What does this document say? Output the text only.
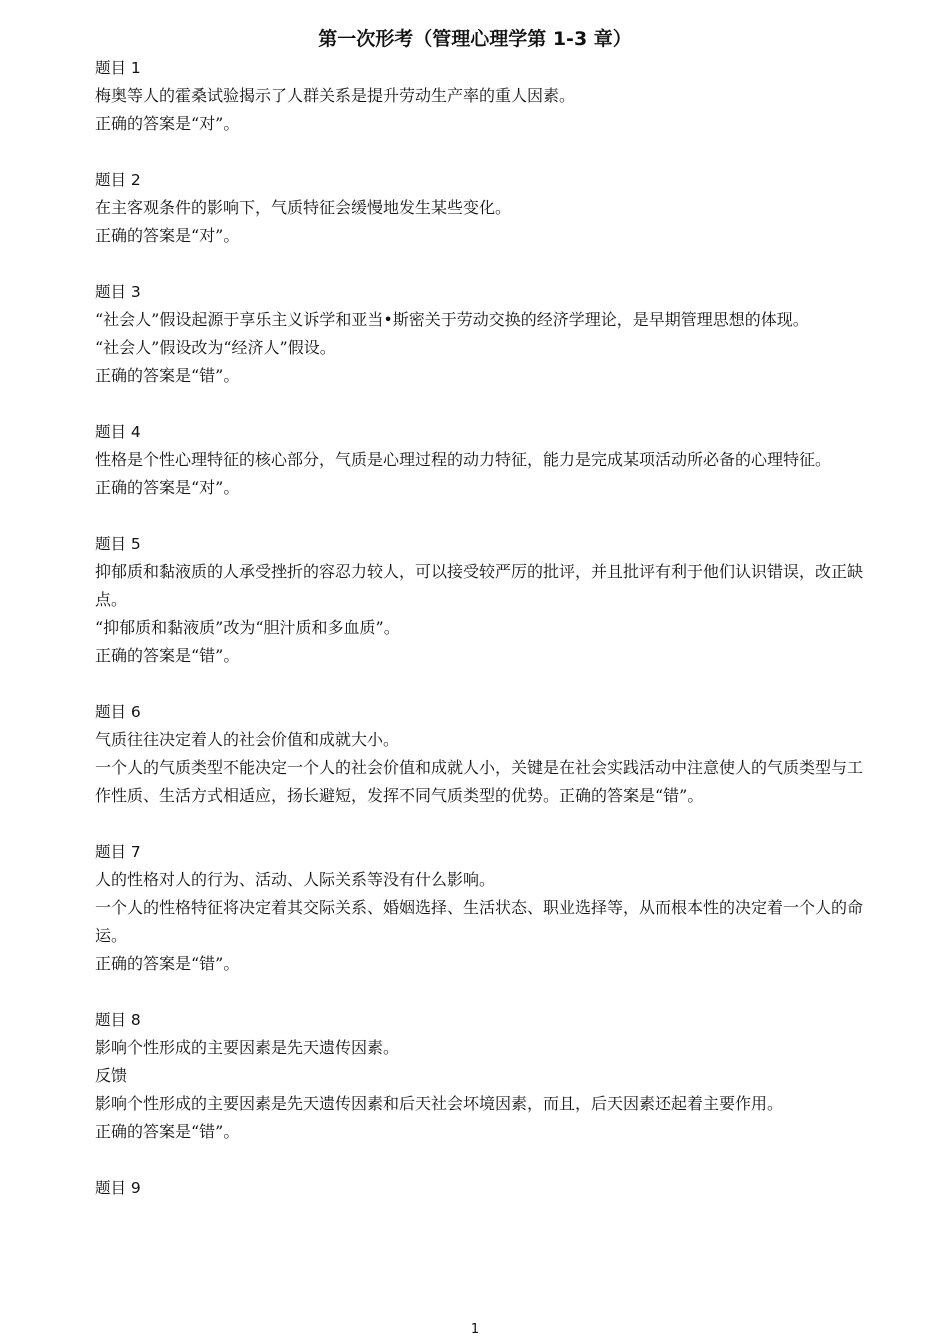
第一次形考（管理心理学第 1-3 章）

题目 1

梅奥等人的霍桑试验揭示了人群关系是提升劳动生产率的重人因素。

正确的答案是“对”。

题目 2

在主客观条件的影响下，气质特征会缓慢地发生某些变化。

正确的答案是“对”。

题目 3

“社会人”假设起源于享乐主义诉学和亚当•斯密关于劳动交换的经济学理论，是早期管理思想的体现。

“社会人”假设改为“经济人”假设。

正确的答案是“错”。

题目 4

性格是个性心理特征的核心部分，气质是心理过程的动力特征，能力是完成某项活动所必备的心理特征。

正确的答案是“对”。

题目 5

抑郁质和黏液质的人承受挫折的容忍力较人，可以接受较严厉的批评，并且批评有利于他们认识错误，改正缺点。

“抑郁质和黏液质”改为“胆汁质和多血质”。

正确的答案是“错”。

题目 6

气质往往决定着人的社会价值和成就大小。

一个人的气质类型不能决定一个人的社会价值和成就人小，关键是在社会实践活动中注意使人的气质类型与工作性质、生活方式相适应，扬长避短，发挥不同气质类型的优势。正确的答案是“错”。

题目 7

人的性格对人的行为、活动、人际关系等没有什么影响。

一个人的性格特征将决定着其交际关系、婚姻选择、生活状态、职业选择等，从而根本性的决定着一个人的命运。

正确的答案是“错”。

题目 8

影响个性形成的主要因素是先天遗传因素。

反馈

影响个性形成的主要因素是先天遗传因素和后天社会坏境因素，而且，后天因素还起着主要作用。

正确的答案是“错”。

题目 9

1
